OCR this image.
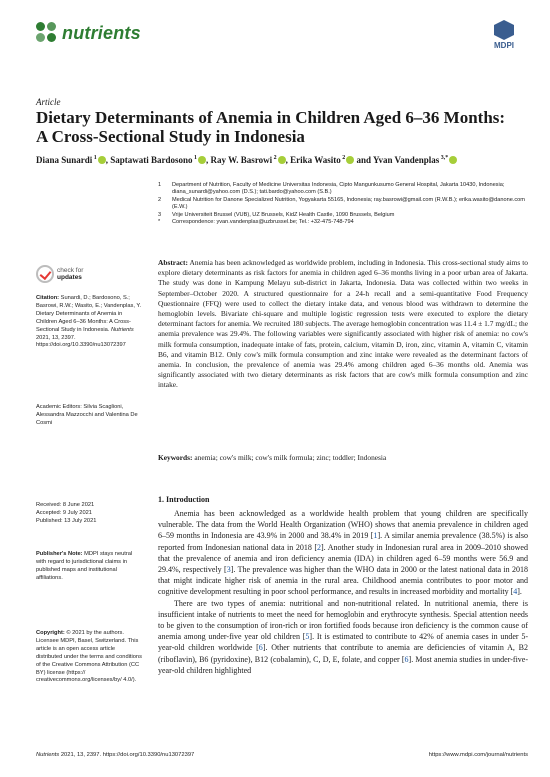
nutrients
MDPI
Article
Dietary Determinants of Anemia in Children Aged 6–36 Months: A Cross-Sectional Study in Indonesia
Diana Sunardi $^1$ , Saptawati Bardosono $^1$ , Ray W. Basrowi $^2$ , Erika Wasito $^2$ and Yvan Vandenplas $^{3,*}$
1	Department of Nutrition, Faculty of Medicine Universitas Indonesia, Cipto Mangunkusumo General Hospital, Jakarta 10430, Indonesia; diana_sunardi@yahoo.com (D.S.); tati.bardo@yahoo.com (S.B.)
2	Medical Nutrition for Danone Specialized Nutrition, Yogyakarta 55165, Indonesia; ray.basrowi@gmail.com (R.W.B.); erika.wasito@danone.com (E.W.)
3	Vrije Universiteit Brussel (VUB), UZ Brussels, KidZ Health Castle, 1090 Brussels, Belgium
*	Correspondence: yvan.vandenplas@uzbrussel.be; Tel.: +32-475-748-794
Abstract: Anemia has been acknowledged as worldwide problem, including in Indonesia. This cross-sectional study aims to explore dietary determinants as risk factors for anemia in children aged 6–36 months living in a poor urban area of Jakarta. The study was done in Kampung Melayu sub-district in Jakarta, Indonesia. Data was collected within two weeks in September–October 2020. A structured questionnaire for a 24-h recall and a semi-quantitative Food Frequency Questionnaire (FFQ) were used to collect the dietary intake data, and venous blood was withdrawn to determine the hemoglobin levels. Bivariate chi-square and multiple logistic regression tests were executed to explore the dietary determinant factors for anemia. We recruited 180 subjects. The average hemoglobin concentration was 11.4 ± 1.7 mg/dL; the anemia prevalence was 29.4%. The following variables were significantly associated with higher risk of anemia: no cow's milk formula consumption, inadequate intake of fats, protein, calcium, vitamin D, iron, zinc, vitamin A, vitamin C, vitamin B6, and vitamin B12. Only cow's milk formula consumption and zinc intake were revealed as the determinant factors of anemia. In conclusion, the prevalence of anemia was 29.4% among children aged 6–36 months old. Anemia was significantly associated with two dietary determinants as risk factors that are cow's milk formula consumption and zinc intake.
Keywords: anemia; cow's milk; cow's milk formula; zinc; toddler; Indonesia
check for
updates
Citation: Sunardi, D.; Bardosono, S.; Basrowi, R.W.; Wasito, E.; Vandenplas, Y. Dietary Determinants of Anemia in Children Aged 6–36 Months: A Cross-Sectional Study in Indonesia. Nutrients 2021, 13, 2397. https://doi.org/10.3390/nu13072397
Academic Editors: Silvia Scaglioni, Alessandra Mazzocchi and Valentina De Cosmi
Received: 8 June 2021
Accepted: 9 July 2021
Published: 13 July 2021
Publisher's Note: MDPI stays neutral with regard to jurisdictional claims in published maps and institutional affiliations.
Copyright: © 2021 by the authors. Licensee MDPI, Basel, Switzerland. This article is an open access article distributed under the terms and conditions of the Creative Commons Attribution (CC BY) license (https:// creativecommons.org/licenses/by/ 4.0/).
1. Introduction

Anemia has been acknowledged as a worldwide health problem that young children are specifically vulnerable. The data from the World Health Organization (WHO) shows that anemia prevalence in children aged 6–59 months in Indonesia are 43.9% in 2000 and 38.4% in 2019 [1]. A similar anemia prevalence (38.5%) is also reported from Indonesian national data in 2018 [2]. Another study in Indonesian rural area in 2009–2010 showed that the prevalence of anemia and iron deficiency anemia (IDA) in children aged 6–59 months were 56.9 and 29.4%, respectively [3]. The prevalence was higher than the WHO data in 2000 or the latest national data in 2018 that might indicate higher risk of anemia in the rural area. Childhood anemia contributes to poor motor and cognitive development resulting in poor school performance, and results in increased morbidity and mortality [4].

There are two types of anemia: nutritional and non-nutritional related. In nutritional anemia, there is insufficient intake of nutrients to meet the need for hemoglobin and erythrocyte synthesis. Special attention needs to be given to the consumption of iron-rich or iron fortified foods because iron deficiency is the common cause of anemia among under-five year old children [5]. It is estimated to contribute to 42% of anemia cases in under 5-year-old children worldwide [6]. Other nutrients that contribute to anemia are deficiencies of vitamin A, B2 (riboflavin), B6 (pyridoxine), B12 (cobalamin), C, D, E, folate, and copper [6]. Most anemia studies in under-five-year-old children highlighted

Nutrients 2021, 13, 2397. https://doi.org/10.3390/nu13072397	https://www.mdpi.com/journal/nutrients
